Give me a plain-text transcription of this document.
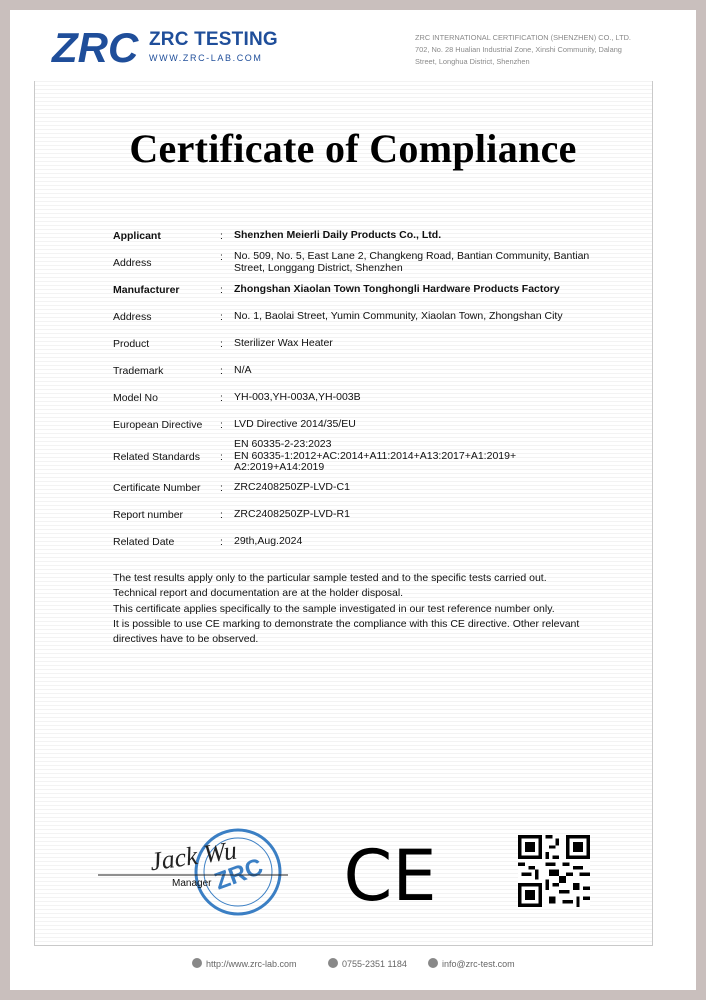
ZRC ZRC TESTING
WWW.ZRC-LAB.COM
ZRC INTERNATIONAL CERTIFICATION (SHENZHEN) CO., LTD.
702, No. 28 Hualian Industrial Zone, Xinshi Community, Dalang
Street, Longhua District, Shenzhen
Certificate of Compliance
Applicant	: Shenzhen Meierli Daily Products Co., Ltd.
Address	: No. 509, No. 5, East Lane 2, Changkeng Road, Bantian Community, Bantian Street, Longgang District, Shenzhen
Manufacturer	: Zhongshan Xiaolan Town Tonghongli Hardware Products Factory
Address	: No. 1, Baolai Street, Yumin Community, Xiaolan Town, Zhongshan City
Product	: Sterilizer Wax Heater
Trademark	: N/A
Model No	: YH-003,YH-003A,YH-003B
European Directive : LVD Directive 2014/35/EU
Related Standards :
EN 60335-2-23:2023
EN 60335-1:2012+AC:2014+A11:2014+A13:2017+A1:2019+
A2:2019+A14:2019
Certificate Number : ZRC2408250ZP-LVD-C1
Report number	: ZRC2408250ZP-LVD-R1
Related Date	: 29th,Aug.2024

The test results apply only to the particular sample tested and to the specific tests carried out.

Technical report and documentation are at the holder disposal.

This certificate applies specifically to the sample investigated in our test reference number only.

It is possible to use CE marking to demonstrate the compliance with this CE directive. Other relevant directives have to be observed.

ZRC
Jack Wu
Manager CE
http://www.zrc-lab.com	0755-2351 1184	info@zrc-test.com
